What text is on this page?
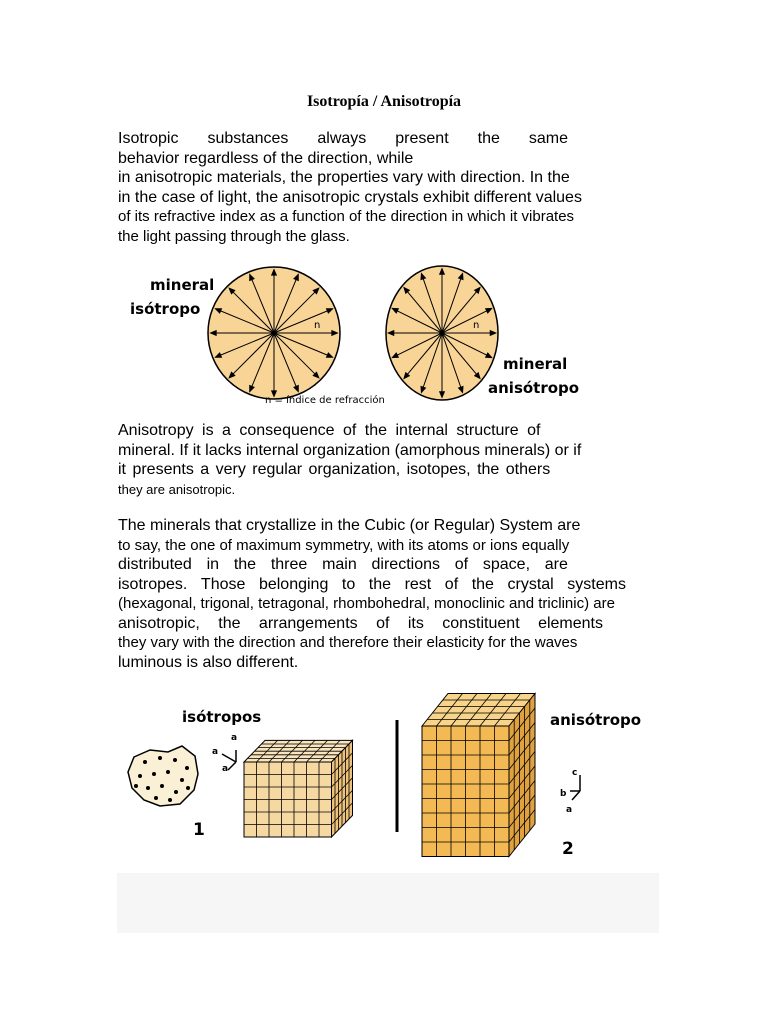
Isotropía / Anisotropía
Isotropic substances always present the same
behavior regardless of the direction, while
in anisotropic materials, the properties vary with direction. In the
in the case of light, the anisotropic crystals exhibit different values
of its refractive index as a function of the direction in which it vibrates
the light passing through the glass.
mineral
isótropo
n	n
mineral
anisótropo
n = índice de refracción
Anisotropy is a consequence of the internal structure of
mineral. If it lacks internal organization (amorphous minerals) or if
it presents a very regular organization, isotopes, the others
they are anisotropic.
The minerals that crystallize in the Cubic (or Regular) System are
to say, the one of maximum symmetry, with its atoms or ions equally
distributed in the three main directions of space, are
isotropes. Those belonging to the rest of the crystal systems
(hexagonal, trigonal, tetragonal, rhombohedral, monoclinic and triclinic) are
anisotropic, the arrangements of its constituent elements
they vary with the direction and therefore their elasticity for the waves
luminous is also different.
isótropos	anisótropo
a
a
a
1
c
b
a
2
